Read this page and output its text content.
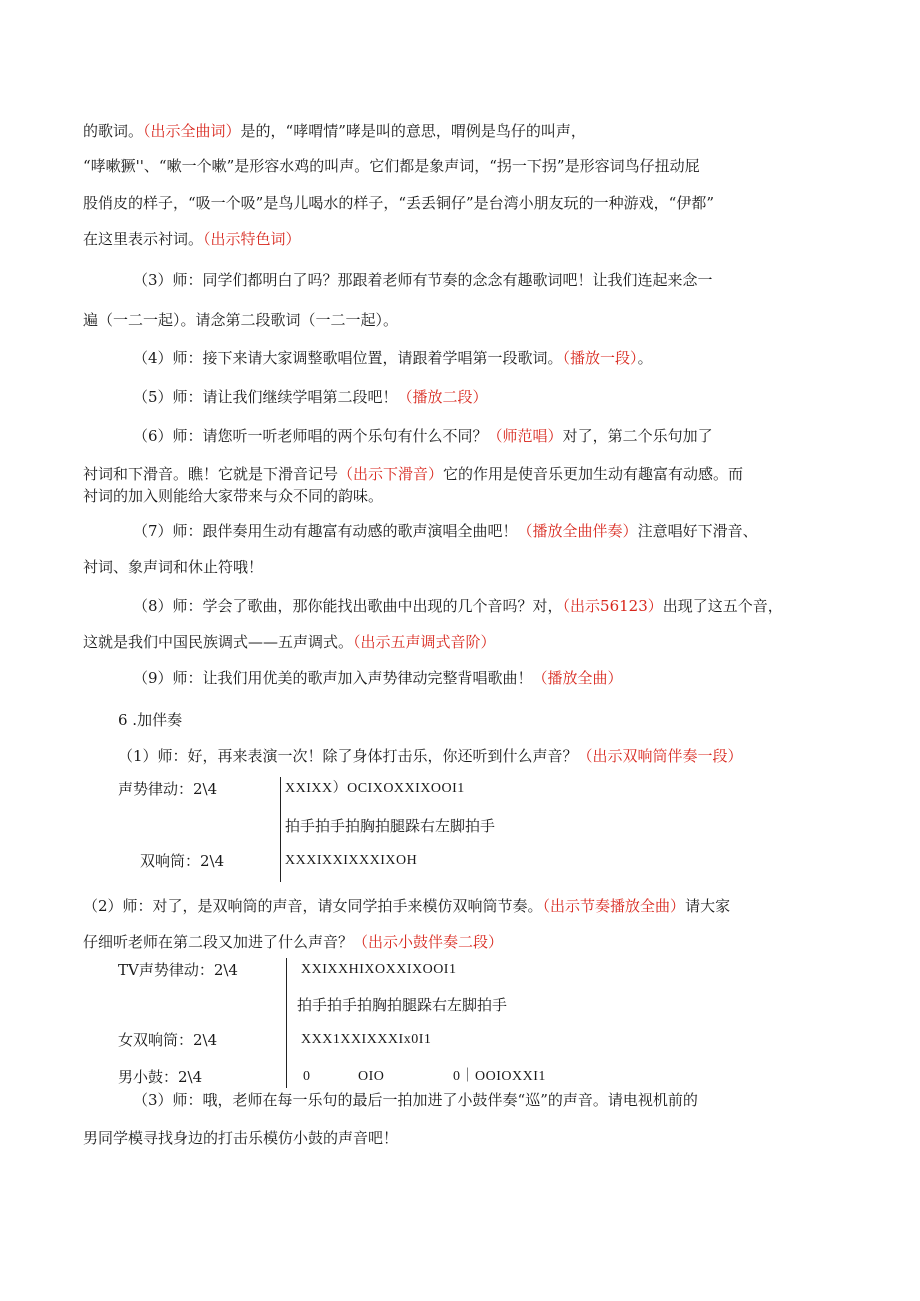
的歌词。（出示全曲词）是的，“哮喟情”哮是叫的意思，喟例是鸟仔的叫声，
“哮嗽獗''、“嗽一个嗽”是形容水鸡的叫声。它们都是象声词，“拐一下拐”是形容词鸟仔扭动屁
股俏皮的样子，“吸一个吸”是鸟儿喝水的样子，“丢丢铜仔”是台湾小朋友玩的一种游戏，“伊都”
在这里表示衬词。（出示特色词）
（3）师：同学们都明白了吗？那跟着老师有节奏的念念有趣歌词吧！让我们连起来念一
遍（一二一起）。请念第二段歌词（一二一起）。
（4）师：接下来请大家调整歌唱位置，请跟着学唱第一段歌词。（播放一段）。
（5）师：请让我们继续学唱第二段吧！（播放二段）
（6）师：请您听一听老师唱的两个乐句有什么不同？（师范唱）对了，第二个乐句加了
衬词和下滑音。瞧！它就是下滑音记号（出示下滑音）它的作用是使音乐更加生动有趣富有动感。而
衬词的加入则能给大家带来与众不同的韵味。
（7）师：跟伴奏用生动有趣富有动感的歌声演唱全曲吧！（播放全曲伴奏）注意唱好下滑音、
衬词、象声词和休止符哦！
（8）师：学会了歌曲，那你能找出歌曲中出现的几个音吗？对，（出示56123）出现了这五个音，
这就是我们中国民族调式——五声调式。（出示五声调式音阶）
（9）师：让我们用优美的歌声加入声势律动完整背唱歌曲！（播放全曲）
6 .加伴奏
（1）师：好，再来表演一次！除了身体打击乐，你还听到什么声音？（出示双响筒伴奏一段）
声势律动：2\4	XXIXX）OCIXOXXIXOOI1
拍手拍手拍胸拍腿跺右左脚拍手
双响筒：2\4	XXXIXXIXXXIXOH
（2）师：对了，是双响筒的声音，请女同学拍手来模仿双响筒节奏。（出示节奏播放全曲）请大家
仔细听老师在第二段又加进了什么声音？（出示小鼓伴奏二段）
TV声势律动：2\4	XXIXXHIXOXXIXOOI1
拍手拍手拍胸拍腿跺右左脚拍手
女双响筒：2\4	XXX1XXIXXXIx0I1
男小鼓：2\4	0	OIO	0｜OOIOXXI1
（3）师：哦，老师在每一乐句的最后一拍加进了小鼓伴奏“巡”的声音。请电视机前的
男同学模寻找身边的打击乐模仿小鼓的声音吧！
